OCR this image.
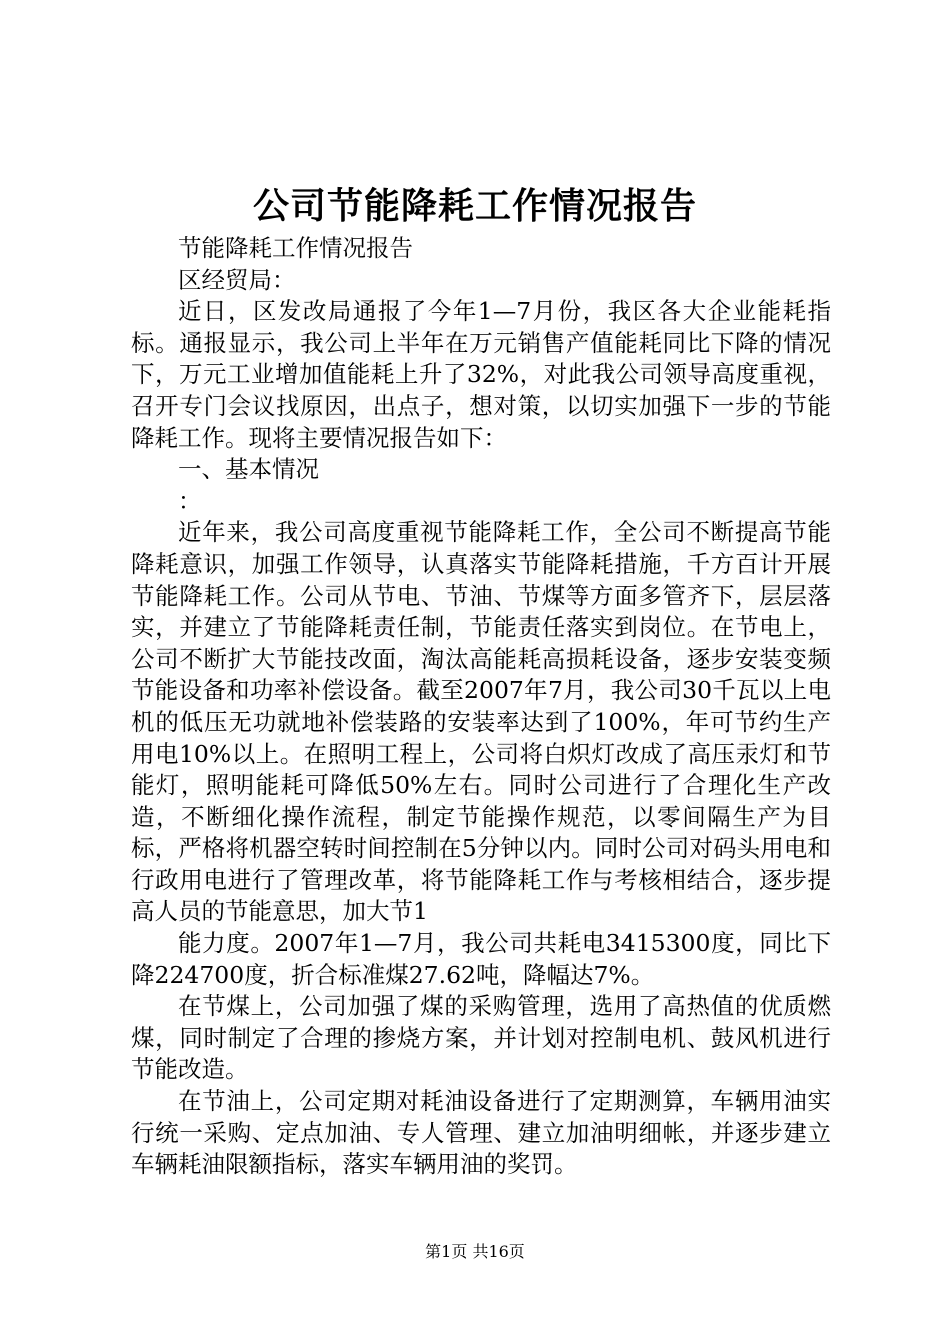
公司节能降耗工作情况报告

节能降耗工作情况报告

区经贸局：

近日，区发改局通报了今年1—7月份，我区各大企业能耗指标。通报显示，我公司上半年在万元销售产值能耗同比下降的情况下，万元工业增加值能耗上升了32%，对此我公司领导高度重视，召开专门会议找原因，出点子，想对策，以切实加强下一步的节能降耗工作。现将主要情况报告如下：

一、基本情况

：

近年来，我公司高度重视节能降耗工作，全公司不断提高节能降耗意识，加强工作领导，认真落实节能降耗措施，千方百计开展节能降耗工作。公司从节电、节油、节煤等方面多管齐下，层层落实，并建立了节能降耗责任制，节能责任落实到岗位。在节电上，公司不断扩大节能技改面，淘汰高能耗高损耗设备，逐步安装变频节能设备和功率补偿设备。截至2007年7月，我公司30千瓦以上电机的低压无功就地补偿装路的安装率达到了100%，年可节约生产用电10%以上。在照明工程上，公司将白炽灯改成了高压汞灯和节能灯，照明能耗可降低50%左右。同时公司进行了合理化生产改造，不断细化操作流程，制定节能操作规范，以零间隔生产为目标，严格将机器空转时间控制在5分钟以内。同时公司对码头用电和行政用电进行了管理改革，将节能降耗工作与考核相结合，逐步提高人员的节能意思，加大节1

能力度。2007年1—7月，我公司共耗电3415300度，同比下降224700度，折合标准煤27.62吨，降幅达7%。

在节煤上，公司加强了煤的采购管理，选用了高热值的优质燃煤，同时制定了合理的掺烧方案，并计划对控制电机、鼓风机进行节能改造。

在节油上，公司定期对耗油设备进行了定期测算，车辆用油实行统一采购、定点加油、专人管理、建立加油明细帐，并逐步建立车辆耗油限额指标，落实车辆用油的奖罚。

第1页 共16页
